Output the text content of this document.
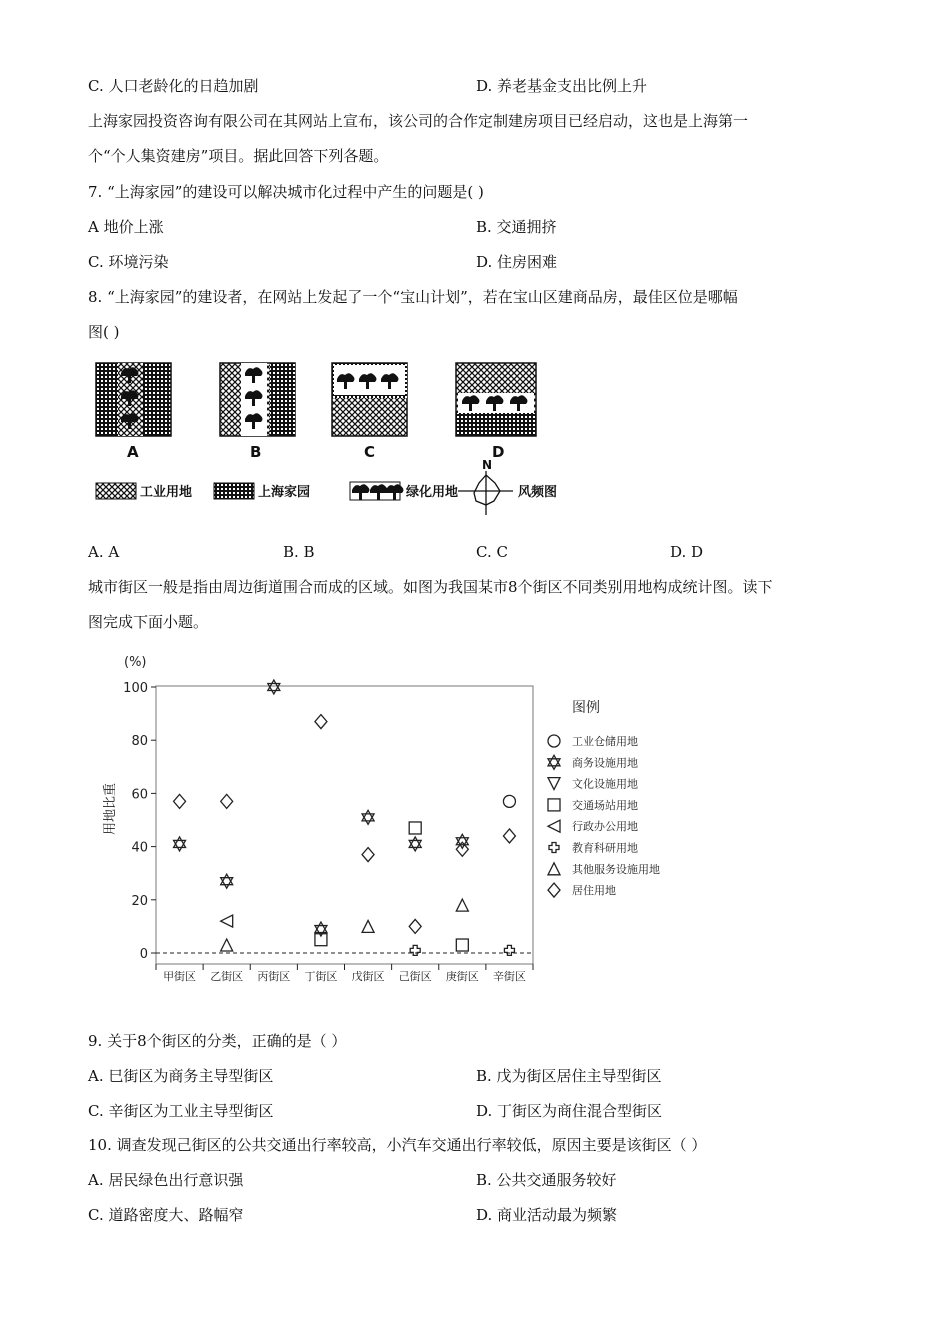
C. 人口老龄化的日趋加剧	D. 养老基金支出比例上升
上海家园投资咨询有限公司在其网站上宣布，该公司的合作定制建房项目已经启动，这也是上海第一
个“个人集资建房”项目。据此回答下列各题。
7. “上海家园”的建设可以解决城市化过程中产生的问题是( )
A 地价上涨	B. 交通拥挤
C. 环境污染	D. 住房困难
8. “上海家园”的建设者，在网站上发起了一个“宝山计划”，若在宝山区建商品房，最佳区位是哪幅
图( )
A	B	C	D
工业用地	上海家园	绿化用地
N
风频图
A. A	B. B	C. C	D. D
城市街区一般是指由周边街道围合而成的区域。如图为我国某市8个街区不同类别用地构成统计图。读下
图完成下面小题。
(%)
用地比重
100
80
60
40
20
0
甲街区 乙街区 丙街区 丁街区 戊街区 己街区 庚街区 辛街区
图例
工业仓储用地
商务设施用地
文化设施用地
交通场站用地
行政办公用地
教育科研用地
其他服务设施用地
居住用地
9. 关于8个街区的分类，正确的是（ ）
A. 巳街区为商务主导型街区	B. 戊为街区居住主导型街区
C. 辛街区为工业主导型街区	D. 丁街区为商住混合型街区
10. 调查发现己街区的公共交通出行率较高，小汽车交通出行率较低，原因主要是该街区（ ）
A. 居民绿色出行意识强	B. 公共交通服务较好
C. 道路密度大、路幅窄	D. 商业活动最为频繁
